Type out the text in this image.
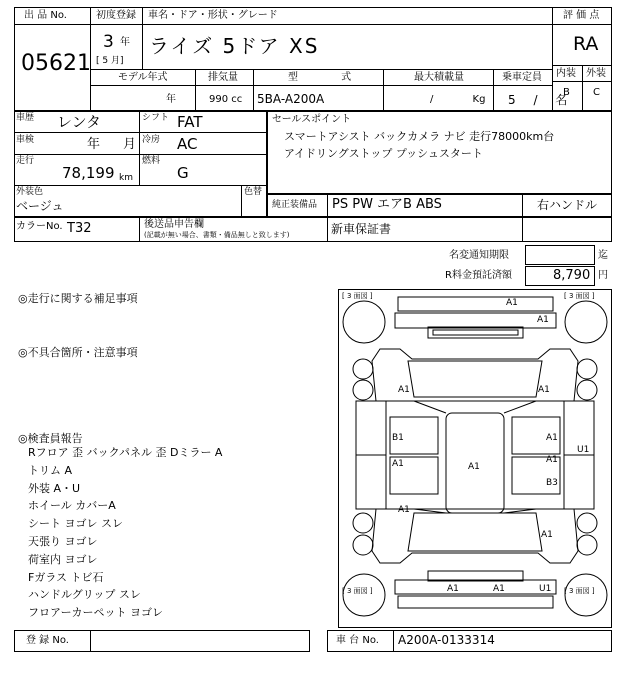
出 品 No.
05621
初度登録
3 年
[ 5 月]
車名・ドア・形状・グレード
ライズ 5ドア XS
評 価 点
RA
内装 外装
B C
モデル年式
年
排気量
990 cc
型 式
5BA-A200A
最大積載量
/ Kg
乗車定員
5 / 名
車歴 レンタ	シフト FAT
車検	年 月 冷房 AC
走行
78,199 km
燃料
G
外装色
ベージュ
色替
セールスポイント
スマートアシスト バックカメラ ナビ 走行78000km台
アイドリングストップ プッシュスタート
純正装備品 PS PW エアB ABS	右ハンドル
カラーNo. T32	後送品申告欄
(記載が無い場合、書類・備品無しと致します)	新車保証書
名変通知期限	迄
R料金預託済額	8,790 円
◎走行に関する補足事項
◎不具合箇所・注意事項
◎検査員報告
Rフロア 歪 バックパネル 歪 Dミラー A
トリム A
外装 A・U
ホイール カバーA
シート ヨゴレ スレ
天張り ヨゴレ
荷室内 ヨゴレ
Fガラス トビ石
ハンドルグリップ スレ
フロアーカーペット ヨゴレ
[ 3 面図 ]	[ 3 面図 ]
[ 3 面図 ]	[ 3 面図 ]
A1
A1
A1	A1
B1	A1
A1	A1
U1
A1
B3
A1
A1
A1	A1	U1
登 録 No.	車 台 No. A200A-0133314
